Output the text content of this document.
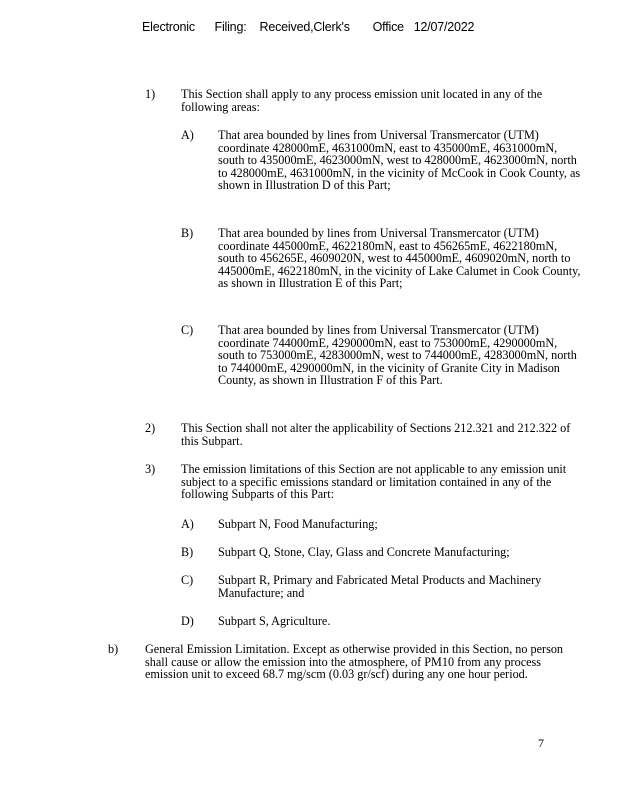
Electronic      Filing:    Received,Clerk's       Office   12/07/2022
1) This Section shall apply to any process emission unit located in any of the following areas:
A) That area bounded by lines from Universal Transmercator (UTM) coordinate 428000mE, 4631000mN, east to 435000mE, 4631000mN, south to 435000mE, 4623000mN, west to 428000mE, 4623000mN, north to 428000mE, 4631000mN, in the vicinity of McCook in Cook County, as shown in Illustration D of this Part;
B) That area bounded by lines from Universal Transmercator (UTM) coordinate 445000mE, 4622180mN, east to 456265mE, 4622180mN, south to 456265E, 4609020N, west to 445000mE, 4609020mN, north to 445000mE, 4622180mN, in the vicinity of Lake Calumet in Cook County, as shown in Illustration E of this Part;
C) That area bounded by lines from Universal Transmercator (UTM) coordinate 744000mE, 4290000mN, east to 753000mE, 4290000mN, south to 753000mE, 4283000mN, west to 744000mE, 4283000mN, north to 744000mE, 4290000mN, in the vicinity of Granite City in Madison County, as shown in Illustration F of this Part.
2) This Section shall not alter the applicability of Sections 212.321 and 212.322 of this Subpart.
3) The emission limitations of this Section are not applicable to any emission unit subject to a specific emissions standard or limitation contained in any of the following Subparts of this Part:
A) Subpart N, Food Manufacturing;
B) Subpart Q, Stone, Clay, Glass and Concrete Manufacturing;
C) Subpart R, Primary and Fabricated Metal Products and Machinery Manufacture; and
D) Subpart S, Agriculture.
b) General Emission Limitation. Except as otherwise provided in this Section, no person shall cause or allow the emission into the atmosphere, of PM10 from any process emission unit to exceed 68.7 mg/scm (0.03 gr/scf) during any one hour period.
7
